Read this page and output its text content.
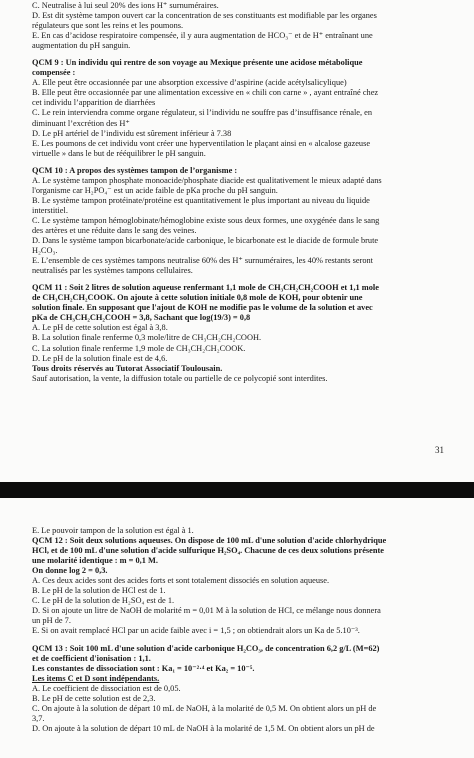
C. Neutralise à lui seul 20% des ions H⁺ surnuméraires.

D. Est dit système tampon ouvert car la concentration de ses constituants est modifiable par les organes

régulateurs que sont les reins et les poumons.

E. En cas d’acidose respiratoire compensée, il y aura augmentation de HCO₃⁻ et de H⁺ entraînant une

augmentation du pH sanguin.

QCM 9 : Un individu qui rentre de son voyage au Mexique présente une acidose métabolique

compensée :

A. Elle peut être occasionnée par une absorption excessive d’aspirine (acide acétylsalicylique)

B. Elle peut être occasionnée par une alimentation excessive en « chili con carne » , ayant entraîné chez

cet individu l’apparition de diarrhées

C. Le rein interviendra comme organe régulateur, si l’individu ne souffre pas d’insuffisance rénale, en

diminuant l’excrétion des H⁺

D. Le pH artériel de l’individu est sûrement inférieur à 7.38

E. Les poumons de cet individu vont créer une hyperventilation le plaçant ainsi en « alcalose gazeuse

virtuelle » dans le but de rééquilibrer le pH sanguin.

QCM 10 : A propos des systèmes tampon de l’organisme :

A. Le système tampon phosphate monoacide/phosphate diacide est qualitativement le mieux adapté dans

l'organisme car H₂PO₄⁻ est un acide faible de pKa proche du pH sanguin.

B. Le système tampon protéinate/protéine est quantitativement le plus important au niveau du liquide

interstitiel.

C. Le système tampon hémoglobinate/hémoglobine existe sous deux formes, une oxygénée dans le sang

des artères et une réduite dans le sang des veines.

D. Dans le système tampon bicarbonate/acide carbonique, le bicarbonate est le diacide de formule brute

H₂CO₃.

E. L’ensemble de ces systèmes tampons neutralise 60% des H⁺ surnuméraires, les 40% restants seront

neutralisés par les systèmes tampons cellulaires.

QCM 11 : Soit 2 litres de solution aqueuse renfermant 1,1 mole de CH₃CH₂CH₂COOH et 1,1 mole

de CH₃CH₂CH₂COOK. On ajoute à cette solution initiale 0,8 mole de KOH, pour obtenir une

solution finale. En supposant que l'ajout de KOH ne modifie pas le volume de la solution et avec

pKa de CH₃CH₂CH₂COOH = 3,8, Sachant que log(19/3) = 0,8

A. Le pH de cette solution est égal à 3,8.

B. La solution finale renferme 0,3 mole/litre de CH₃CH₂CH₂COOH.

C. La solution finale renferme 1,9 mole de CH₃CH₂CH₂COOK.

D. Le pH de la solution finale est de 4,6.

Tous droits réservés au Tutorat Associatif Toulousain.

Sauf autorisation, la vente, la diffusion totale ou partielle de ce polycopié sont interdites.

31

E. Le pouvoir tampon de la solution est égal à 1.

QCM 12 : Soit deux solutions aqueuses. On dispose de 100 mL d'une solution d'acide chlorhydrique

HCl, et de 100 mL d'une solution d'acide sulfurique H₂SO₄. Chacune de ces deux solutions présente

une molarité identique : m = 0,1 M.

On donne log 2 = 0,3.

A. Ces deux acides sont des acides forts et sont totalement dissociés en solution aqueuse.

B. Le pH de la solution de HCl est de 1.

C. Le pH de la solution de H₂SO₄ est de 1.

D. Si on ajoute un litre de NaOH de molarité m = 0,01 M à la solution de HCl, ce mélange nous donnera

un pH de 7.

E. Si on avait remplacé HCl par un acide faible avec i = 1,5 ; on obtiendrait alors un Ka de 5.10⁻³.

QCM 13 : Soit 100 mL d'une solution d'acide carbonique H₂CO₃, de concentration 6,2 g/L (M=62)

et de coefficient d'ionisation : 1,1.

Les constantes de dissociation sont : Ka₁ = 10⁻²·⁴ et Ka₂ = 10⁻⁵.

Les items C et D sont indépendants.

A. Le coefficient de dissociation est de 0,05.

B. Le pH de cette solution est de 2,3.

C. On ajoute à la solution de départ 10 mL de NaOH, à la molarité de 0,5 M. On obtient alors un pH de

3,7.

D. On ajoute à la solution de départ 10 mL de NaOH à la molarité de 1,5 M. On obtient alors un pH de
